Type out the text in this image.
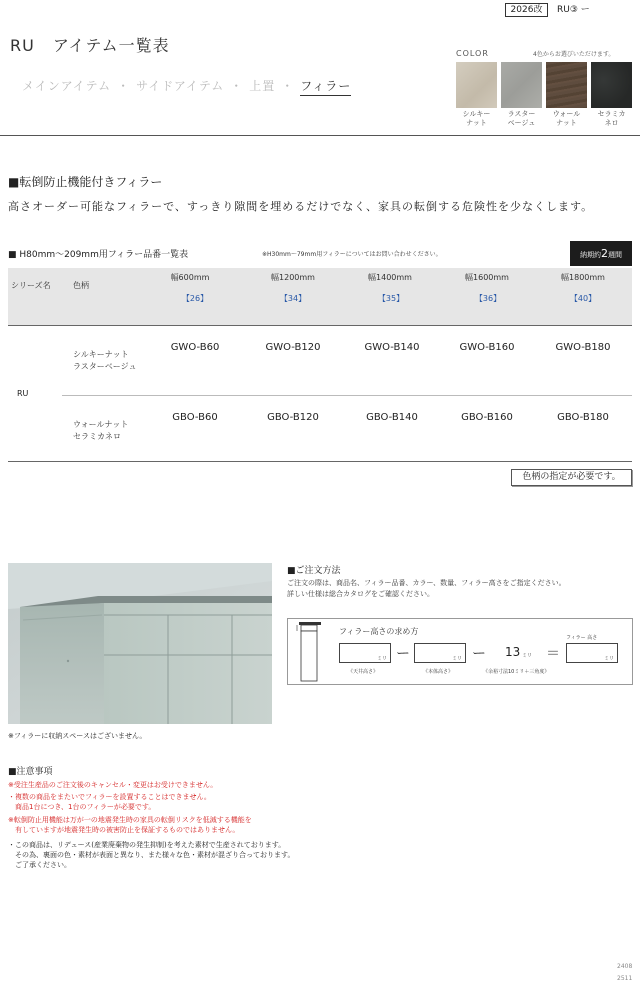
2026改	RU③ ー
RU アイテム一覧表
メインアイテム ・ サイドアイテム ・ 上置 ・ フィラー
COLOR	4色からお選びいただけます。
シルキー
ナット
ラスター
ベージュ
ウォール
ナット
セラミカ
ネロ
■転倒防止機能付きフィラー
高さオーダー可能なフィラーで、すっきり隙間を埋めるだけでなく、家具の転倒する危険性を少なくします。
■ H80mm～209mm用フィラー品番一覧表	※H30mm～79mm用フィラーについてはお問い合わせください。	納期約2週間
シリーズ名	色柄
幅600mm	幅1200mm	幅1400mm	幅1600mm	幅1800mm
【26】	【34】	【35】	【36】	【40】
シルキーナット
ラスターベージュ
GWO-B60	GWO-B120	GWO-B140	GWO-B160	GWO-B180
RU
ウォールナット
セラミカネロ
GBO-B60	GBO-B120	GBO-B140	GBO-B160	GBO-B180
色柄の指定が必要です。
※フィラーに収納スペースはございません。
■ご注文方法
ご注文の際は、商品名、フィラー品番、カラー、数量、フィラー高さをご指定ください。
詳しい仕様は総合カタログをご確認ください。
フィラー高さの求め方
ミリ
《天井高さ》
ー	ミリ
《本体高さ》
ー 13 ミリ
《余裕寸法10ミリ＋三角度》
＝
フィラー 高さ
ミリ
■注意事項
※受注生産品のご注文後のキャンセル・変更はお受けできません。
・複数の商品をまたいでフィラーを設置することはできません。
　商品1台につき、1台のフィラーが必要です。
※転倒防止用機能は万が一の地震発生時の家具の転倒リスクを低減する機能を
　有していますが地震発生時の被害防止を保証するものではありません。
・この商品は、リデュース(産業廃棄物の発生抑制)を考えた素材で生産されております。
　その為、裏面の色・素材が表面と異なり、また様々な色・素材が混ざり合っております。
　ご了承ください。
2408
2511
